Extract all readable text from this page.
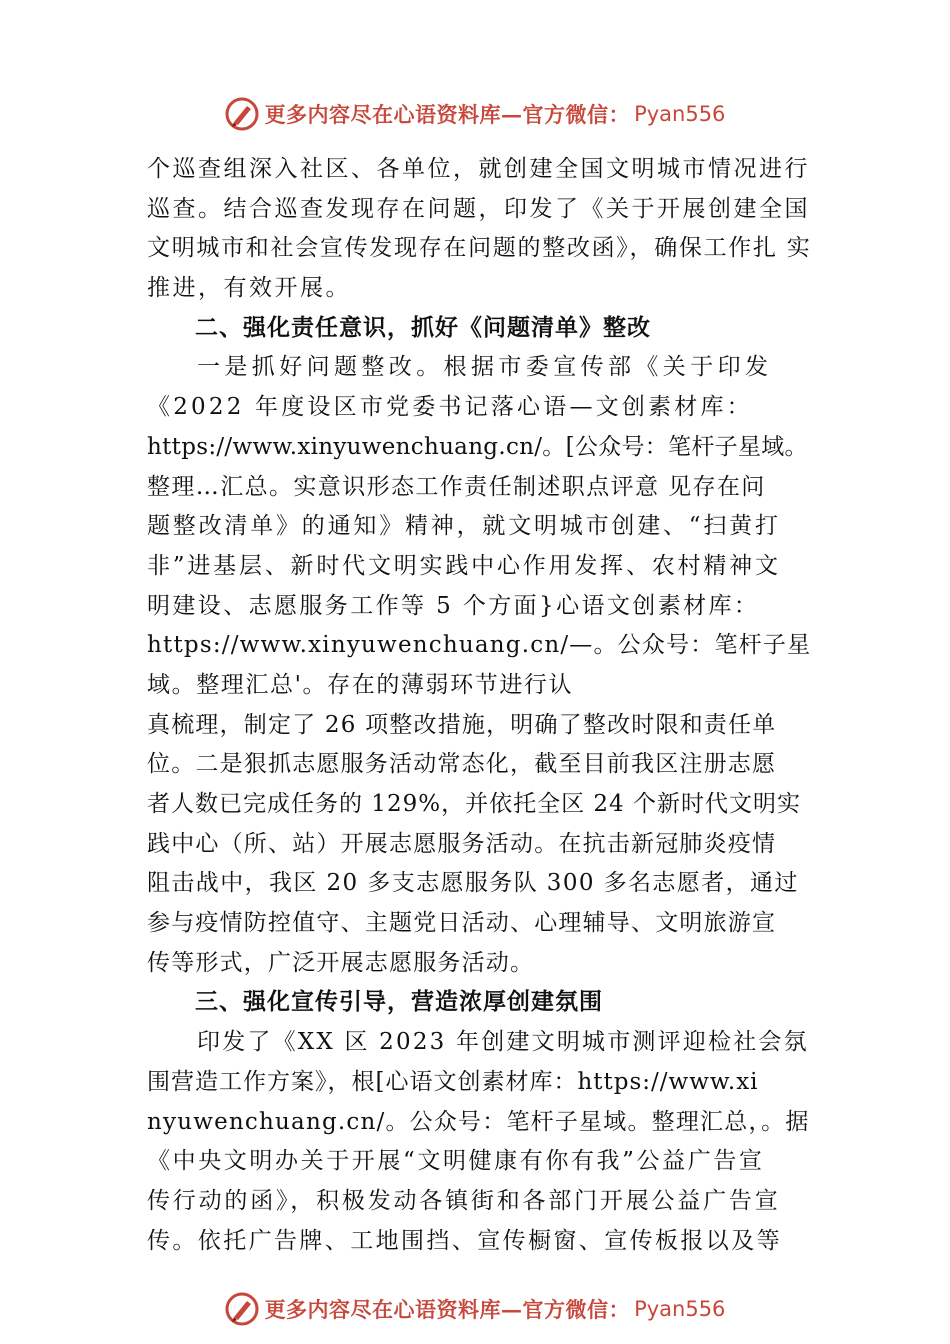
更多内容尽在心语资料库—官方微信： Pyan556
个巡查组深入社区、各单位，就创建全国文明城市情况进行
巡查。结合巡查发现存在问题，印发了《关于开展创建全国
文明城市和社会宣传发现存在问题的整改函》，确保工作扎 实
推进，有效开展。
二、强化责任意识，抓好《问题清单》整改
一是抓好问题整改。根据市委宣传部《关于印发
《2022 年度设区市党委书记落心语—文创素材库：
https://www.xinyuwenchuang.cn/。[公众号：笔杆子星域。
整理…汇总。实意识形态工作责任制述职点评意 见存在问
题整改清单》的通知》精神，就文明城市创建、“扫黄打
非”进基层、新时代文明实践中心作用发挥、农村精神文
明建设、志愿服务工作等 5 个方面}心语文创素材库：
https://www.xinyuwenchuang.cn/—。公众号：笔杆子星
域。整理汇总'。存在的薄弱环节进行认
真梳理，制定了 26 项整改措施，明确了整改时限和责任单
位。二是狠抓志愿服务活动常态化，截至目前我区注册志愿
者人数已完成任务的 129%，并依托全区 24 个新时代文明实
践中心（所、站）开展志愿服务活动。在抗击新冠肺炎疫情
阻击战中，我区 20 多支志愿服务队 300 多名志愿者，通过
参与疫情防控值守、主题党日活动、心理辅导、文明旅游宣
传等形式，广泛开展志愿服务活动。
三、强化宣传引导，营造浓厚创建氛围
印发了《XX 区 2023 年创建文明城市测评迎检社会氛
围营造工作方案》，根[心语文创素材库：https://www.xi
nyuwenchuang.cn/。公众号：笔杆子星域。整理汇总，。据
《中央文明办关于开展“文明健康有你有我”公益广告宣
传行动的函》，积极发动各镇街和各部门开展公益广告宣
传。依托广告牌、工地围挡、宣传橱窗、宣传板报以及等
更多内容尽在心语资料库—官方微信： Pyan556
